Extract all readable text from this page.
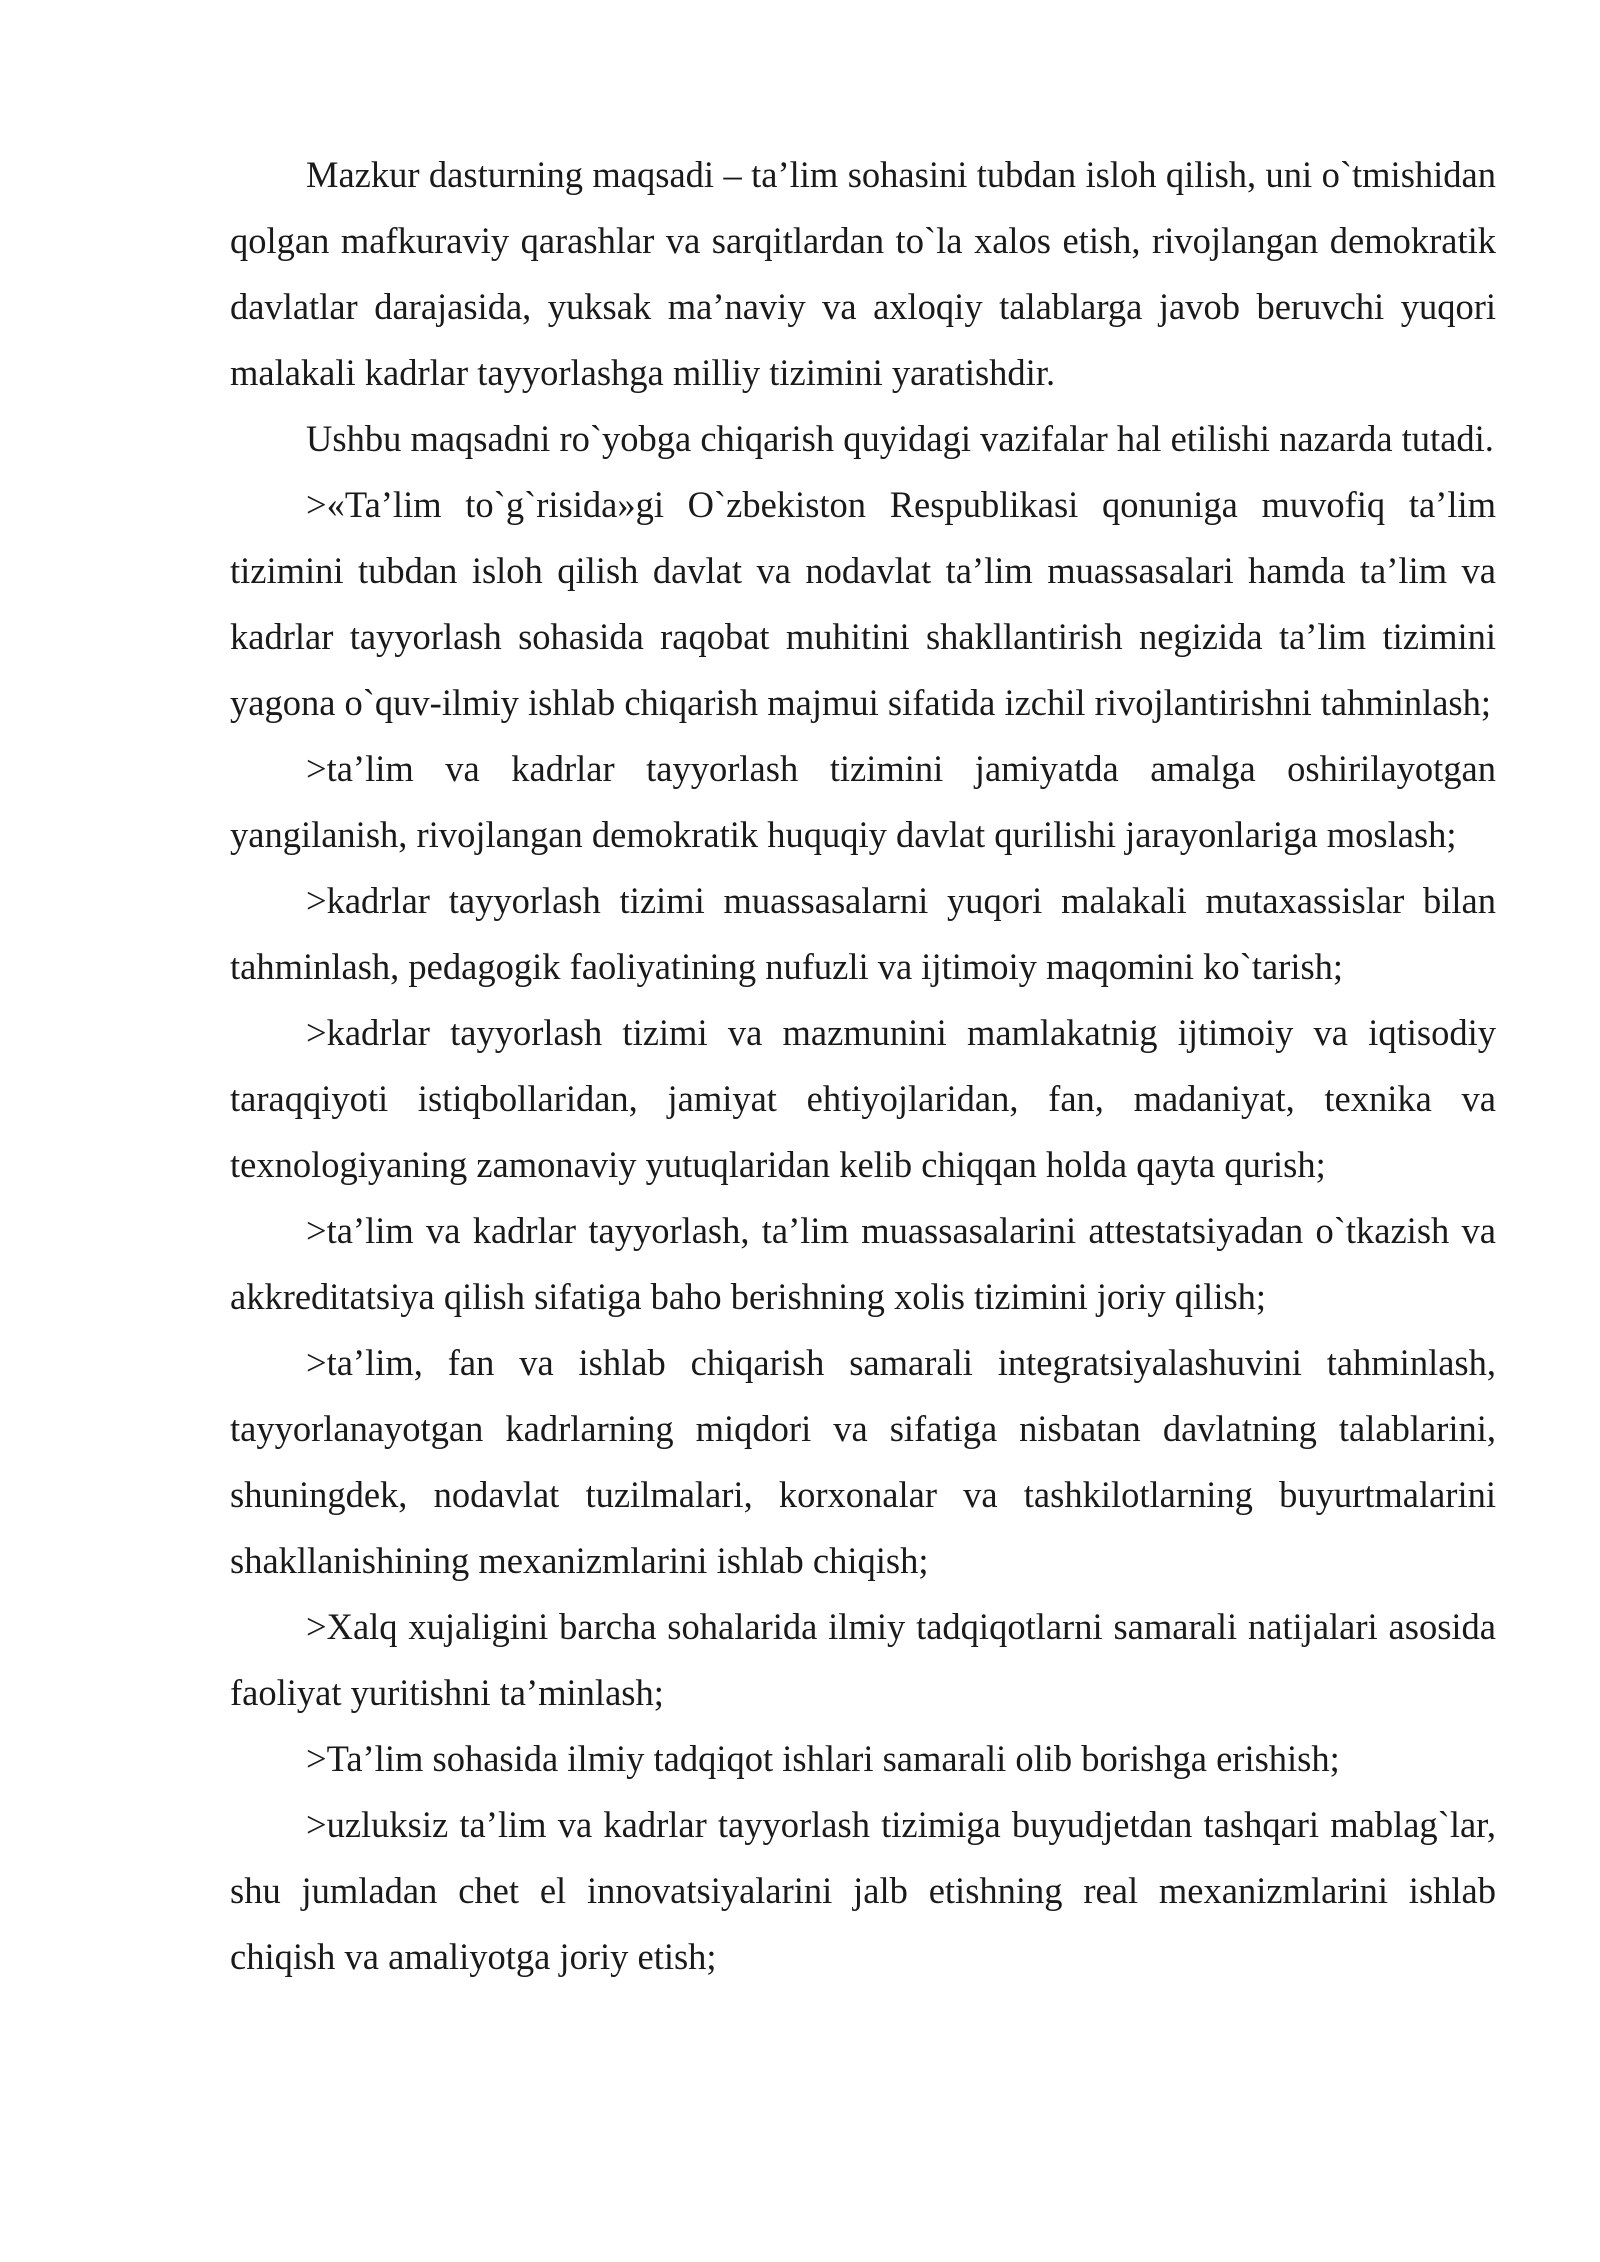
Mazkur dasturning maqsadi – ta’lim sohasini tubdan isloh qilish, uni o`tmishidan qolgan mafkuraviy qarashlar va sarqitlardan to`la xalos etish, rivojlangan demokratik davlatlar darajasida, yuksak ma’naviy va axloqiy talablarga javob beruvchi yuqori malakali kadrlar tayyorlashga milliy tizimini yaratishdir.

Ushbu maqsadni ro`yobga chiqarish quyidagi vazifalar hal etilishi nazarda tutadi.

>«Ta’lim to`g`risida»gi O`zbekiston Respublikasi qonuniga muvofiq ta’lim tizimini tubdan isloh qilish davlat va nodavlat ta’lim muassasalari hamda ta’lim va kadrlar tayyorlash sohasida raqobat muhitini shakllantirish negizida ta’lim tizimini yagona o`quv-ilmiy ishlab chiqarish majmui sifatida izchil rivojlantirishni tahminlash;

>ta’lim va kadrlar tayyorlash tizimini jamiyatda amalga oshirilayotgan yangilanish, rivojlangan demokratik huquqiy davlat qurilishi jarayonlariga moslash;

>kadrlar tayyorlash tizimi muassasalarni yuqori malakali mutaxassislar bilan tahminlash, pedagogik faoliyatining nufuzli va ijtimoiy maqomini ko`tarish;

>kadrlar tayyorlash tizimi va mazmunini mamlakatnig ijtimoiy va iqtisodiy taraqqiyoti istiqbollaridan, jamiyat ehtiyojlaridan, fan, madaniyat, texnika va texnologiyaning zamonaviy yutuqlaridan kelib chiqqan holda qayta qurish;

>ta’lim va kadrlar tayyorlash, ta’lim muassasalarini attestatsiyadan o`tkazish va akkreditatsiya qilish sifatiga baho berishning xolis tizimini joriy qilish;

>ta’lim, fan va ishlab chiqarish samarali integratsiyalashuvini tahminlash, tayyorlanayotgan kadrlarning miqdori va sifatiga nisbatan davlatning talablarini, shuningdek, nodavlat tuzilmalari, korxonalar va tashkilotlarning buyurtmalarini shakllanishining mexanizmlarini ishlab chiqish;

>Xalq xujaligini barcha sohalarida ilmiy tadqiqotlarni samarali natijalari asosida faoliyat yuritishni ta’minlash;

>Ta’lim sohasida ilmiy tadqiqot ishlari samarali olib borishga erishish;

>uzluksiz ta’lim va kadrlar tayyorlash tizimiga buyudjetdan tashqari mablag`lar, shu jumladan chet el innovatsiyalarini jalb etishning real mexanizmlarini ishlab chiqish va amaliyotga joriy etish;
